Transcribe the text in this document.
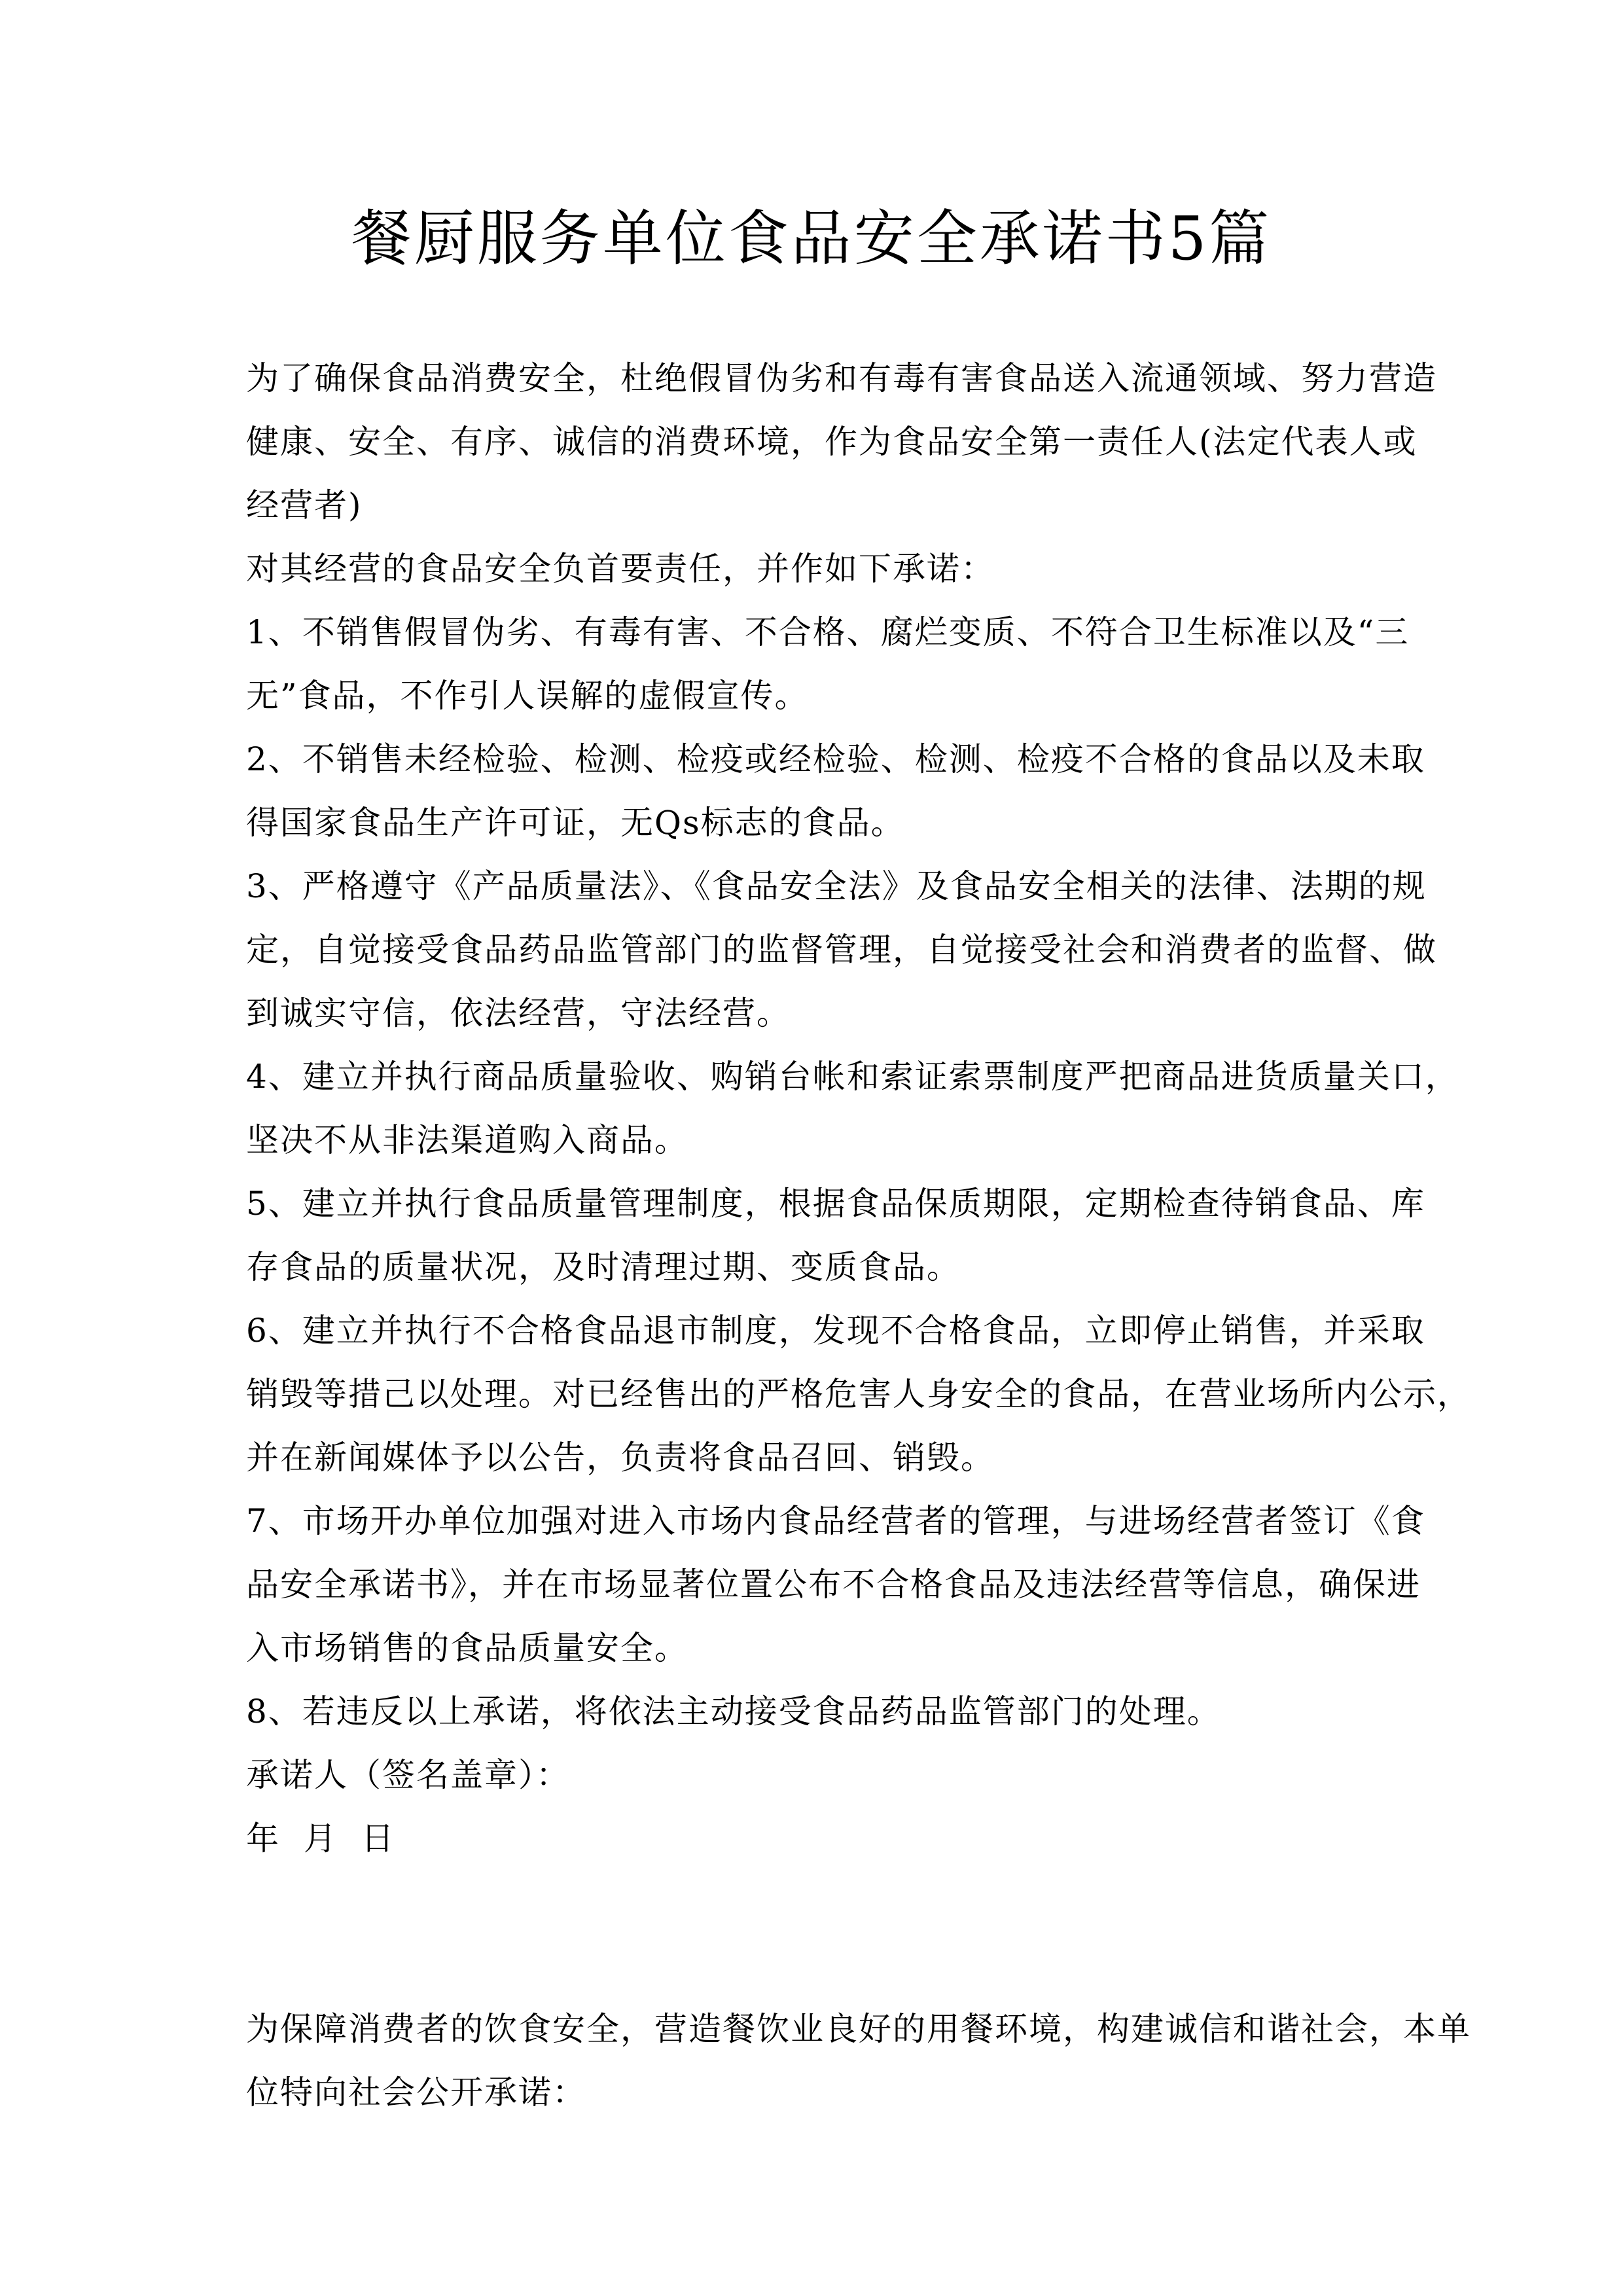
餐厨服务单位食品安全承诺书5篇
为了确保食品消费安全，杜绝假冒伪劣和有毒有害食品送入流通领域、努力营造
健康、安全、有序、诚信的消费环境，作为食品安全第一责任人(法定代表人或
经营者)
对其经营的食品安全负首要责任，并作如下承诺：
1、不销售假冒伪劣、有毒有害、不合格、腐烂变质、不符合卫生标准以及“三
无”食品，不作引人误解的虚假宣传。
2、不销售未经检验、检测、检疫或经检验、检测、检疫不合格的食品以及未取
得国家食品生产许可证，无Qs标志的食品。
3、严格遵守《产品质量法》、《食品安全法》及食品安全相关的法律、法期的规
定，自觉接受食品药品监管部门的监督管理，自觉接受社会和消费者的监督、做
到诚实守信，依法经营，守法经营。
4、建立并执行商品质量验收、购销台帐和索证索票制度严把商品进货质量关口，
坚决不从非法渠道购入商品。
5、建立并执行食品质量管理制度，根据食品保质期限，定期检查待销食品、库
存食品的质量状况，及时清理过期、变质食品。
6、建立并执行不合格食品退市制度，发现不合格食品，立即停止销售，并采取
销毁等措己以处理。对已经售出的严格危害人身安全的食品，在营业场所内公示，
并在新闻媒体予以公告，负责将食品召回、销毁。
7、市场开办单位加强对进入市场内食品经营者的管理，与进场经营者签订《食
品安全承诺书》，并在市场显著位置公布不合格食品及违法经营等信息，确保进
入市场销售的食品质量安全。
8、若违反以上承诺，将依法主动接受食品药品监管部门的处理。
承诺人（签名盖章）：
年  月  日
为保障消费者的饮食安全，营造餐饮业良好的用餐环境，构建诚信和谐社会，本单
位特向社会公开承诺：
